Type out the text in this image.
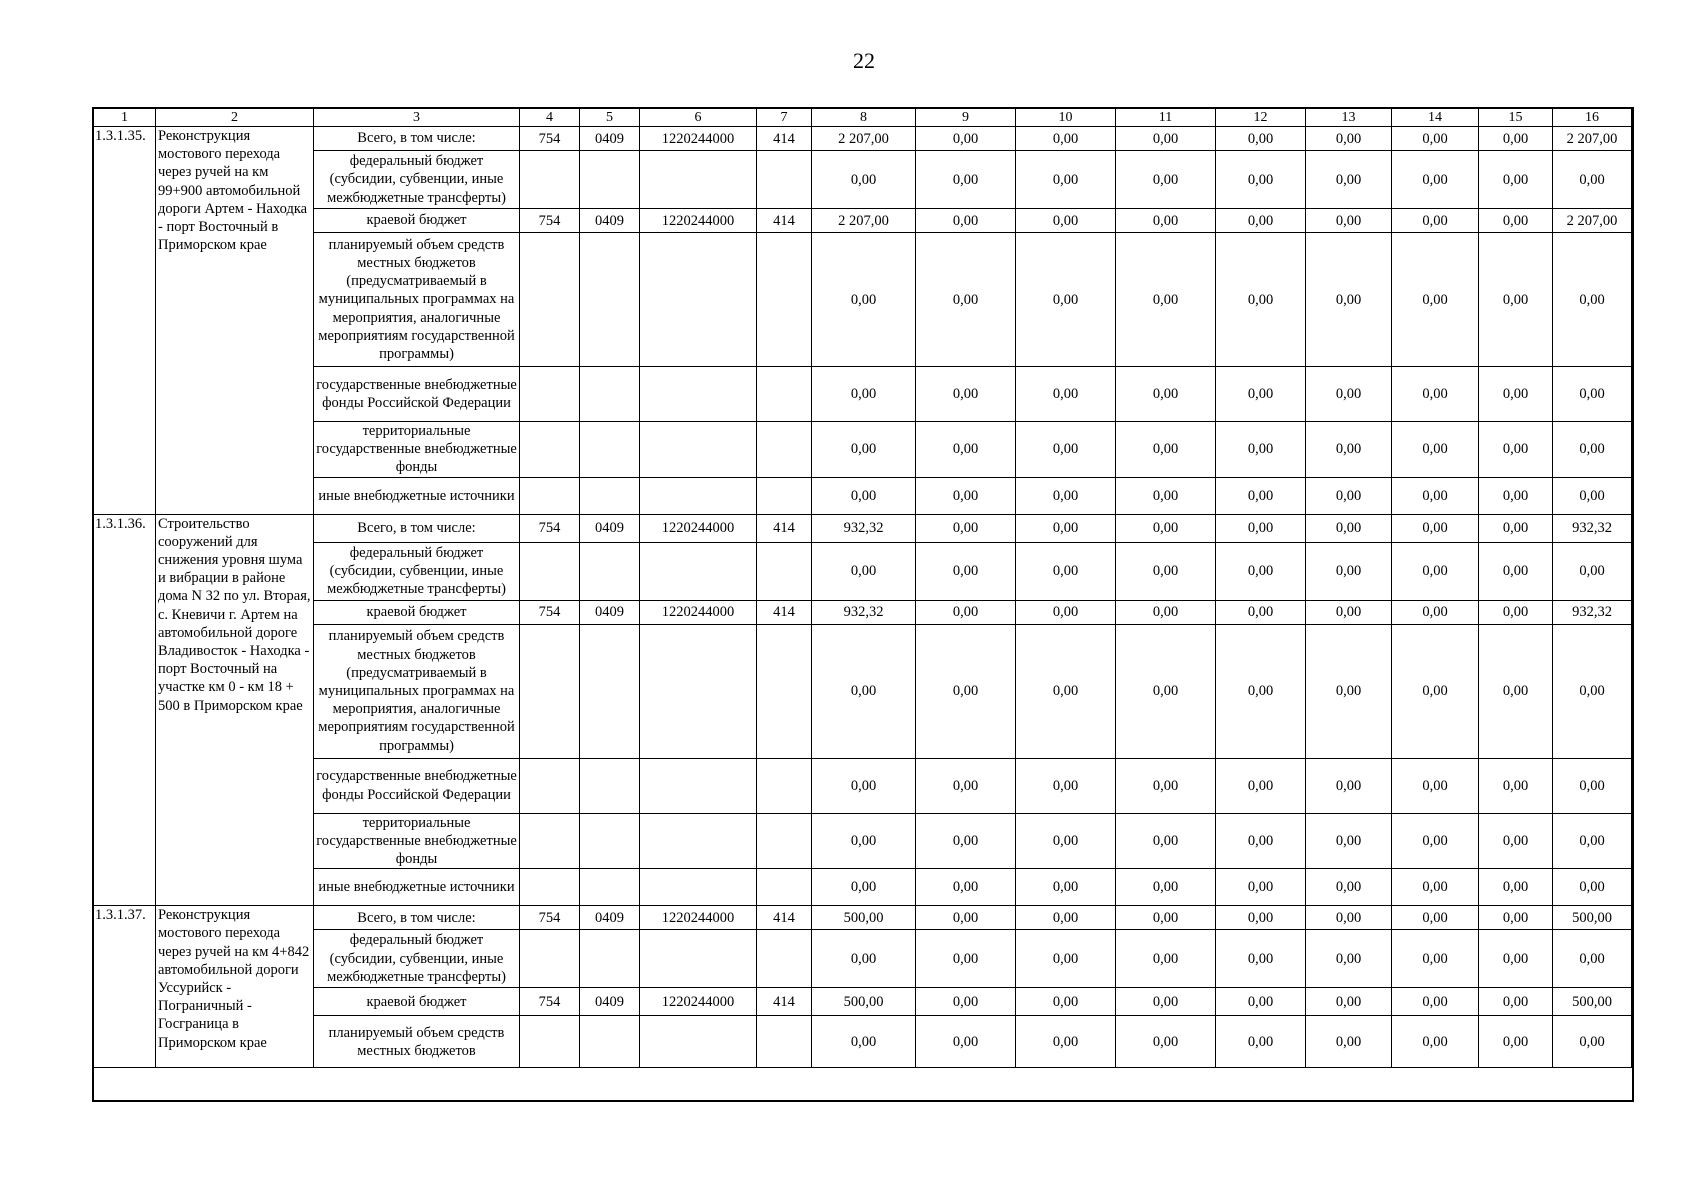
22
1	2	3	4	5	6	7	8	9	10	11	12	13	14	15	16
1.3.1.35.	Реконструкция мостового перехода через ручей на км 99+900 автомобильной дороги Артем - Находка - порт Восточный в Приморском крае	Всего, в том числе:	754	0409	1220244000	414	2 207,00	0,00	0,00	0,00	0,00	0,00	0,00	0,00	2 207,00
		федеральный бюджет (субсидии, субвенции, иные межбюджетные трансферты)					0,00	0,00	0,00	0,00	0,00	0,00	0,00	0,00	0,00
		краевой бюджет	754	0409	1220244000	414	2 207,00	0,00	0,00	0,00	0,00	0,00	0,00	0,00	2 207,00
		планируемый объем средств местных бюджетов (предусматриваемый в муниципальных программах на мероприятия, аналогичные мероприятиям государственной программы)					0,00	0,00	0,00	0,00	0,00	0,00	0,00	0,00	0,00
		государственные внебюджетные фонды Российской Федерации					0,00	0,00	0,00	0,00	0,00	0,00	0,00	0,00	0,00
		территориальные государственные внебюджетные фонды					0,00	0,00	0,00	0,00	0,00	0,00	0,00	0,00	0,00
		иные внебюджетные источники					0,00	0,00	0,00	0,00	0,00	0,00	0,00	0,00	0,00
1.3.1.36.	Строительство сооружений для снижения уровня шума и вибрации в районе дома N 32 по ул. Вторая, с. Кневичи г. Артем на автомобильной дороге Владивосток - Находка - порт Восточный на участке км 0 - км 18 + 500 в Приморском крае	Всего, в том числе:	754	0409	1220244000	414	932,32	0,00	0,00	0,00	0,00	0,00	0,00	0,00	932,32
		федеральный бюджет (субсидии, субвенции, иные межбюджетные трансферты)					0,00	0,00	0,00	0,00	0,00	0,00	0,00	0,00	0,00
		краевой бюджет	754	0409	1220244000	414	932,32	0,00	0,00	0,00	0,00	0,00	0,00	0,00	932,32
		планируемый объем средств местных бюджетов (предусматриваемый в муниципальных программах на мероприятия, аналогичные мероприятиям государственной программы)					0,00	0,00	0,00	0,00	0,00	0,00	0,00	0,00	0,00
		государственные внебюджетные фонды Российской Федерации					0,00	0,00	0,00	0,00	0,00	0,00	0,00	0,00	0,00
		территориальные государственные внебюджетные фонды					0,00	0,00	0,00	0,00	0,00	0,00	0,00	0,00	0,00
		иные внебюджетные источники					0,00	0,00	0,00	0,00	0,00	0,00	0,00	0,00	0,00
1.3.1.37.	Реконструкция мостового перехода через ручей на км 4+842 автомобильной дороги Уссурийск - Пограничный - Госграница в Приморском крае	Всего, в том числе:	754	0409	1220244000	414	500,00	0,00	0,00	0,00	0,00	0,00	0,00	0,00	500,00
		федеральный бюджет (субсидии, субвенции, иные межбюджетные трансферты)					0,00	0,00	0,00	0,00	0,00	0,00	0,00	0,00	0,00
		краевой бюджет	754	0409	1220244000	414	500,00	0,00	0,00	0,00	0,00	0,00	0,00	0,00	500,00
		планируемый объем средств местных бюджетов					0,00	0,00	0,00	0,00	0,00	0,00	0,00	0,00	0,00
